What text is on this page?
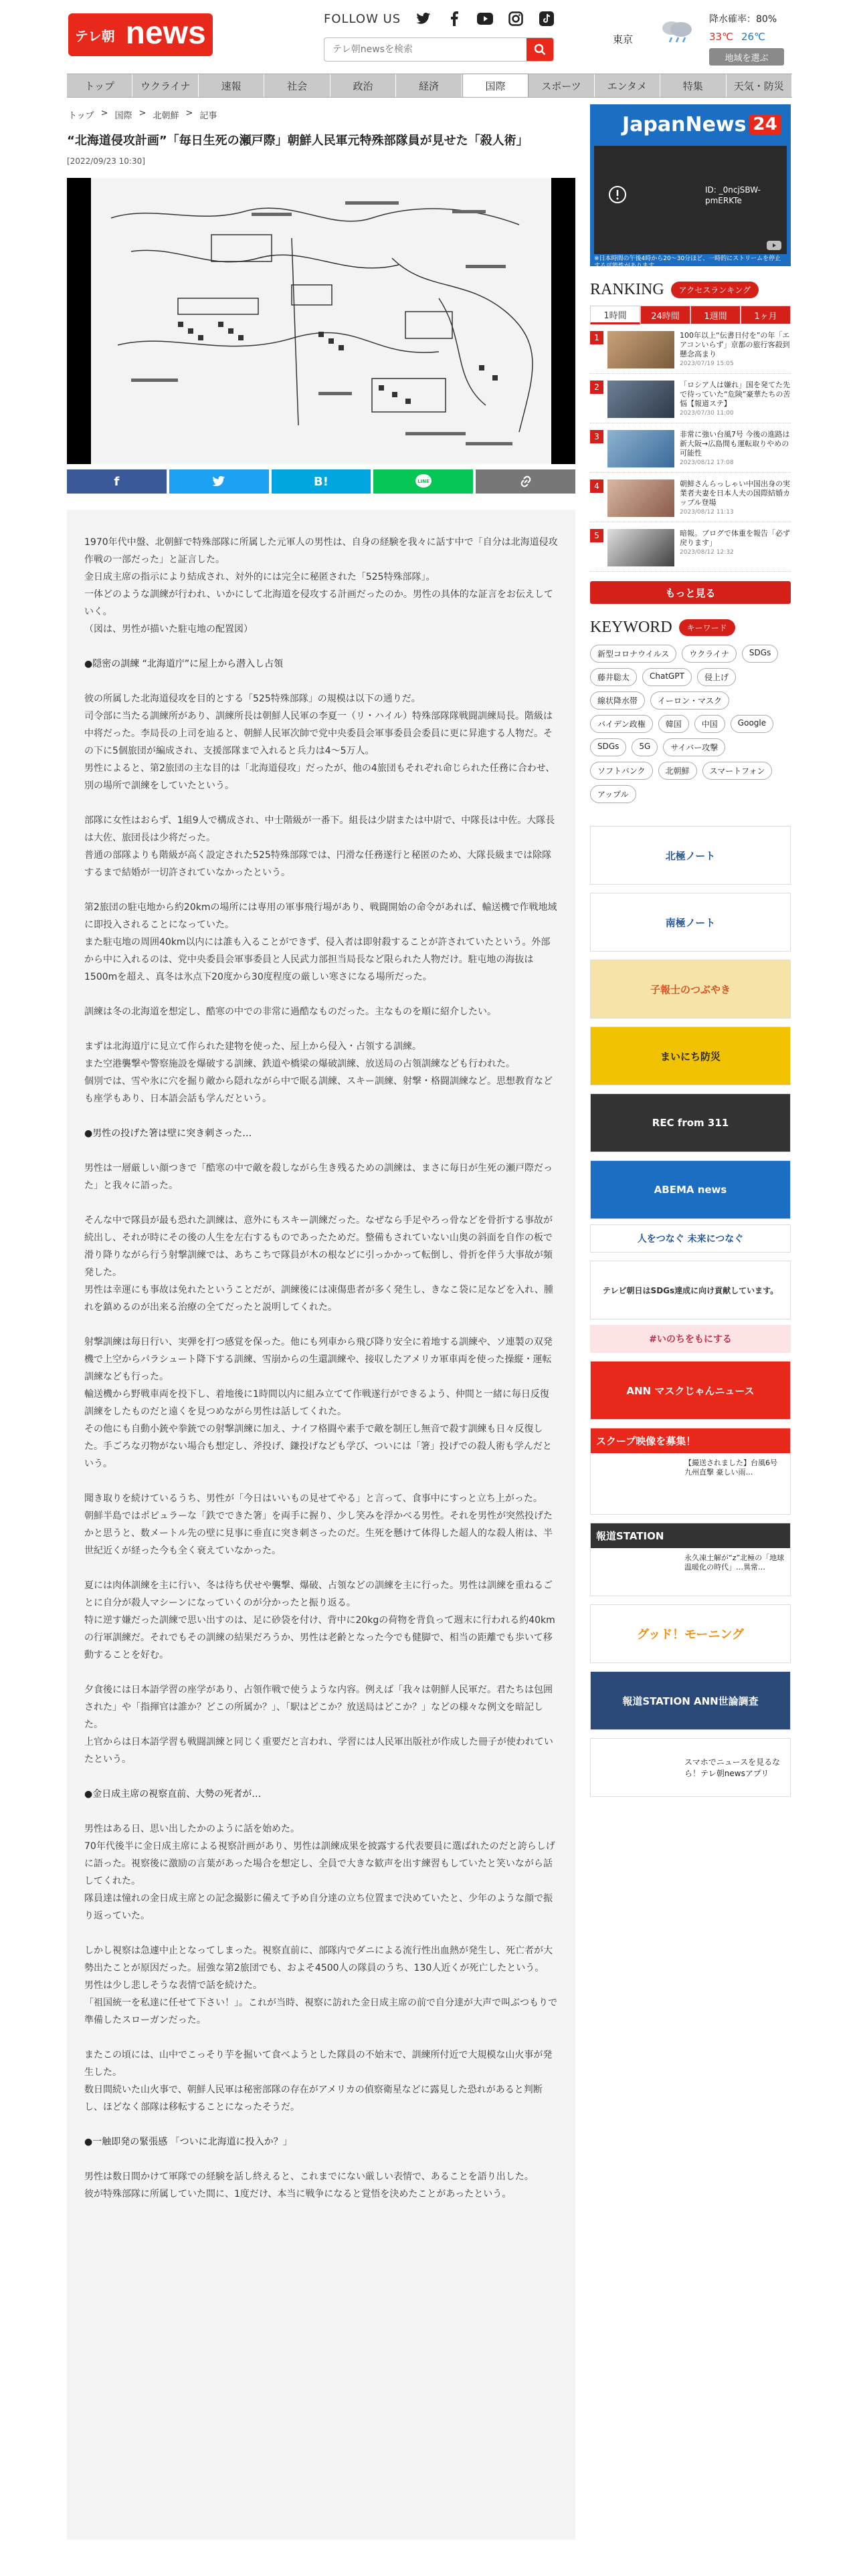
テレ朝 news	FOLLOW US
テレ朝newsを検索
東京
降水確率：80%
33℃ 26℃
地域を選ぶ
トップ	ウクライナ	速報	社会	政治	経済	国際	スポーツ	エンタメ	特集	天気・防災
トップ > 国際 > 北朝鮮 > 記事
“北海道侵攻計画”「毎日生死の瀬戸際」朝鮮人民軍元特殊部隊員が見せた「殺人術」
[2022/09/23 10:30]
f	B!	LINE

1970年代中盤、北朝鮮で特殊部隊に所属した元軍人の男性は、自身の経験を我々に話す中で「自分は北海道侵攻作戦の一部だった」と証言した。
金日成主席の指示により結成され、対外的には完全に秘匿された「525特殊部隊」。
一体どのような訓練が行われ、いかにして北海道を侵攻する計画だったのか。男性の具体的な証言をお伝えしていく。
（図は、男性が描いた駐屯地の配置図）

●隠密の訓練 “北海道庁”に屋上から潜入し占領

彼の所属した北海道侵攻を目的とする「525特殊部隊」の規模は以下の通りだ。
司令部に当たる訓練所があり、訓練所長は朝鮮人民軍の李夏一（リ・ハイル）特殊部隊隊戦闘訓練局長。階級は中将だった。李局長の上司を辿ると、朝鮮人民軍次帥で党中央委員会軍事委員会委員に更に昇進する人物だ。その下に5個旅団が編成され、支援部隊まで入れると兵力は4～5万人。
男性によると、第2旅団の主な目的は「北海道侵攻」だったが、他の4旅団もそれぞれ命じられた任務に合わせ、別の場所で訓練をしていたという。

部隊に女性はおらず、1組9人で構成され、中士階級が一番下。組長は少尉または中尉で、中隊長は中佐。大隊長は大佐、旅団長は少将だった。
普通の部隊よりも階級が高く設定された525特殊部隊では、円滑な任務遂行と秘匿のため、大隊長級までは除隊するまで結婚が一切許されていなかったという。

第2旅団の駐屯地から約20kmの場所には専用の軍事飛行場があり、戦闘開始の命令があれば、輸送機で作戦地域に即投入されることになっていた。
また駐屯地の周囲40km以内には誰も入ることができず、侵入者は即射殺することが許されていたという。外部から中に入れるのは、党中央委員会軍事委員と人民武力部担当局長など限られた人物だけ。駐屯地の海抜は1500mを超え、真冬は氷点下20度から30度程度の厳しい寒さになる場所だった。

訓練は冬の北海道を想定し、酷寒の中での非常に過酷なものだった。主なものを順に紹介したい。

まずは北海道庁に見立て作られた建物を使った、屋上から侵入・占領する訓練。
また空港襲撃や警察施設を爆破する訓練、鉄道や橋梁の爆破訓練、放送局の占領訓練なども行われた。
個別では、雪や氷に穴を掘り敵から隠れながら中で眠る訓練、スキー訓練、射撃・格闘訓練など。思想教育なども座学もあり、日本語会話も学んだという。

●男性の投げた箸は壁に突き刺さった…

男性は一層厳しい顔つきで「酷寒の中で敵を殺しながら生き残るための訓練は、まさに毎日が生死の瀬戸際だった」と我々に語った。

そんな中で隊員が最も恐れた訓練は、意外にもスキー訓練だった。なぜなら手足やろっ骨などを骨折する事故が続出し、それが時にその後の人生を左右するものであったためだ。整備もされていない山奥の斜面を自作の板で滑り降りながら行う射撃訓練では、あちこちで隊員が木の根などに引っかかって転倒し、骨折を伴う大事故が頻発した。
男性は幸運にも事故は免れたということだが、訓練後には凍傷患者が多く発生し、きなこ袋に足などを入れ、腫れを鎮めるのが出来る治療の全てだったと説明してくれた。

射撃訓練は毎日行い、実弾を打つ感覚を保った。他にも列車から飛び降り安全に着地する訓練や、ソ連製の双発機で上空からパラシュート降下する訓練、雪崩からの生還訓練や、接収したアメリカ軍車両を使った操縦・運転訓練なども行った。
輸送機から野戦車両を投下し、着地後に1時間以内に組み立てて作戦遂行ができるよう、仲間と一緒に毎日反復訓練をしたものだと遠くを見つめながら男性は話してくれた。
その他にも自動小銃や拳銃での射撃訓練に加え、ナイフ格闘や素手で敵を制圧し無音で殺す訓練も日々反復した。手ごろな刃物がない場合も想定し、斧投げ、鎌投げなども学び、ついには「箸」投げでの殺人術も学んだという。

聞き取りを続けているうち、男性が「今日はいいもの見せてやる」と言って、食事中にすっと立ち上がった。
朝鮮半島ではポピュラーな「鉄でできた箸」を両手に握り、少し笑みを浮かべる男性。それを男性が突然投げたかと思うと、数メートル先の壁に見事に垂直に突き刺さったのだ。生死を懸けて体得した超人的な殺人術は、半世紀近くが経った今も全く衰えていなかった。

夏には肉体訓練を主に行い、冬は待ち伏せや襲撃、爆破、占領などの訓練を主に行った。男性は訓練を重ねるごとに自分が殺人マシーンになっていくのが分かったと振り返る。
特に逆す嫌だった訓練で思い出すのは、足に砂袋を付け、背中に20kgの荷物を背負って週末に行われる約40kmの行軍訓練だ。それでもその訓練の結果だろうか、男性は老齢となった今でも健脚で、相当の距離でも歩いて移動することを好む。

夕食後には日本語学習の座学があり、占領作戦で使うような内容。例えば「我々は朝鮮人民軍だ。君たちは包囲された」や「指揮官は誰か？どこの所属か？」、「駅はどこか？放送局はどこか？」などの様々な例文を暗記した。
上官からは日本語学習も戦闘訓練と同じく重要だと言われ、学習には人民軍出版社が作成した冊子が使われていたという。

●金日成主席の視察直前、大勢の死者が…

男性はある日、思い出したかのように話を始めた。
70年代後半に金日成主席による視察計画があり、男性は訓練成果を披露する代表要員に選ばれたのだと誇らしげに語った。視察後に激励の言葉があった場合を想定し、全員で大きな歓声を出す練習もしていたと笑いながら話してくれた。
隊員達は憧れの金日成主席との記念撮影に備えて予め自分達の立ち位置まで決めていたと、少年のような顔で振り返っていた。

しかし視察は急遽中止となってしまった。視察直前に、部隊内でダニによる流行性出血熱が発生し、死亡者が大勢出たことが原因だった。屈強な第2旅団でも、およそ4500人の隊員のうち、130人近くが死亡したという。
男性は少し悲しそうな表情で話を続けた。
「祖国統一を私達に任せて下さい！」。これが当時、視察に訪れた金日成主席の前で自分達が大声で叫ぶつもりで準備したスローガンだった。

またこの頃には、山中でこっそり芋を掘いて食べようとした隊員の不始末で、訓練所付近で大規模な山火事が発生した。
数日間続いた山火事で、朝鮮人民軍は秘密部隊の存在がアメリカの偵察衛星などに露見した恐れがあると判断し、ほどなく部隊は移転することになったそうだ。

●一触即発の緊張感 「ついに北海道に投入か？」

男性は数日間かけて軍隊での経験を話し終えると、これまでにない厳しい表情で、あることを語り出した。
彼が特殊部隊に所属していた間に、1度だけ、本当に戦争になると覚悟を決めたことがあったという。

JapanNews 24
ID: _0ncjSBW-pmERKTe
※日本時間の午後4時から20～30分ほど、一時的にストリームを停止する可能性があります。
RANKING	アクセスランキング
1時間	24時間	1週間	1ヶ月
1	100年以上“伝書日付を”の年「エアコンいらず」京都の旅行客殺到 懸念高まり
2023/07/19 15:05
2	「ロシア人は嫌れ」国を発てた先で待っていた“危険”豪華たちの苦悩【報道ステ】
2023/07/30 11:00
3	非常に強い台風7号 今後の進路は 新大阪→広島間も運転取りやめの可能性
2023/08/12 17:08
4	朝鮮さんらっしゃい中国出身の実業者夫妻を日本人夫の国際結婚カップル登場
2023/08/12 11:13
5	暗報。ブログで体重を報告「必ず戻ります」
2023/08/12 12:32
もっと見る
KEYWORD	キーワード
新型コロナウイルス	ウクライナ	SDGs
藤井聡太	ChatGPT	侵上げ
線状降水帯	イーロン・マスク
バイデン政権	韓国	中国	Google
SDGs	5G	サイバー攻撃
ソフトバンク	北朝鮮	スマートフォン
アップル
北極ノート
南極ノート
子報士のつぶやき
まいにち防災
REC from 311
ABEMA news
人をつなぐ 未来につなぐ
テレビ朝日はSDGs達成に向け貢献しています。
#いのちをもにする
ANN マスクじゃんニュース
スクープ映像を募集！
【撮送されました】台風6号 九州直撃 豪しい雨…
報道STATION
永久凍土解が“z”北極の「地球温暖化の時代」…異常…
グッド！モーニング
報道STATION ANN世論調査
スマホでニュースを見るなら！テレ朝newsアプリ
